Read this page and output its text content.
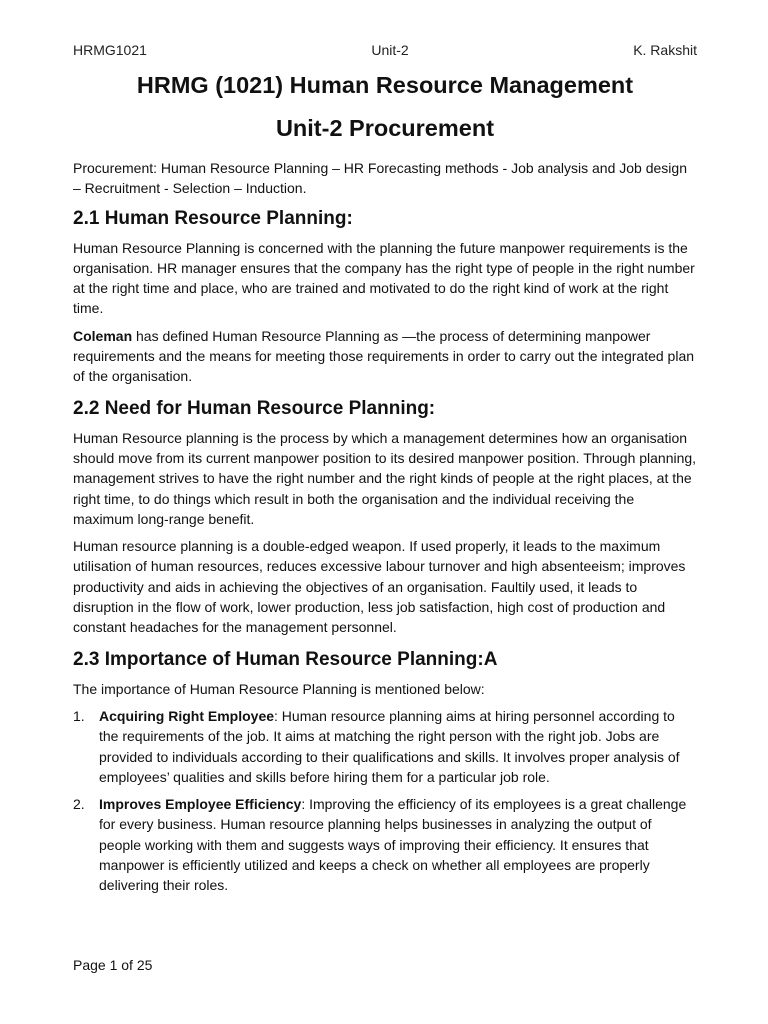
HRMG1021	Unit-2	K. Rakshit
HRMG (1021) Human Resource Management
Unit-2 Procurement

Procurement: Human Resource Planning – HR Forecasting methods - Job analysis and Job design – Recruitment - Selection – Induction.

2.1 Human Resource Planning:

Human Resource Planning is concerned with the planning the future manpower requirements is the organisation. HR manager ensures that the company has the right type of people in the right number at the right time and place, who are trained and motivated to do the right kind of work at the right time.

Coleman has defined Human Resource Planning as —the process of determining manpower requirements and the means for meeting those requirements in order to carry out the integrated plan of the organisation.

2.2 Need for Human Resource Planning:

Human Resource planning is the process by which a management determines how an organisation should move from its current manpower position to its desired manpower position. Through planning, management strives to have the right number and the right kinds of people at the right places, at the right time, to do things which result in both the organisation and the individual receiving the maximum long-range benefit.

Human resource planning is a double-edged weapon. If used properly, it leads to the maximum utilisation of human resources, reduces excessive labour turnover and high absenteeism; improves productivity and aids in achieving the objectives of an organisation. Faultily used, it leads to disruption in the flow of work, lower production, less job satisfaction, high cost of production and constant headaches for the management personnel.

2.3 Importance of Human Resource Planning:A

The importance of Human Resource Planning is mentioned below:

1. Acquiring Right Employee: Human resource planning aims at hiring personnel according to the requirements of the job. It aims at matching the right person with the right job. Jobs are provided to individuals according to their qualifications and skills. It involves proper analysis of employees’ qualities and skills before hiring them for a particular job role.
2. Improves Employee Efficiency: Improving the efficiency of its employees is a great challenge for every business. Human resource planning helps businesses in analyzing the output of people working with them and suggests ways of improving their efficiency. It ensures that manpower is efficiently utilized and keeps a check on whether all employees are properly delivering their roles.
Page 1 of 25
